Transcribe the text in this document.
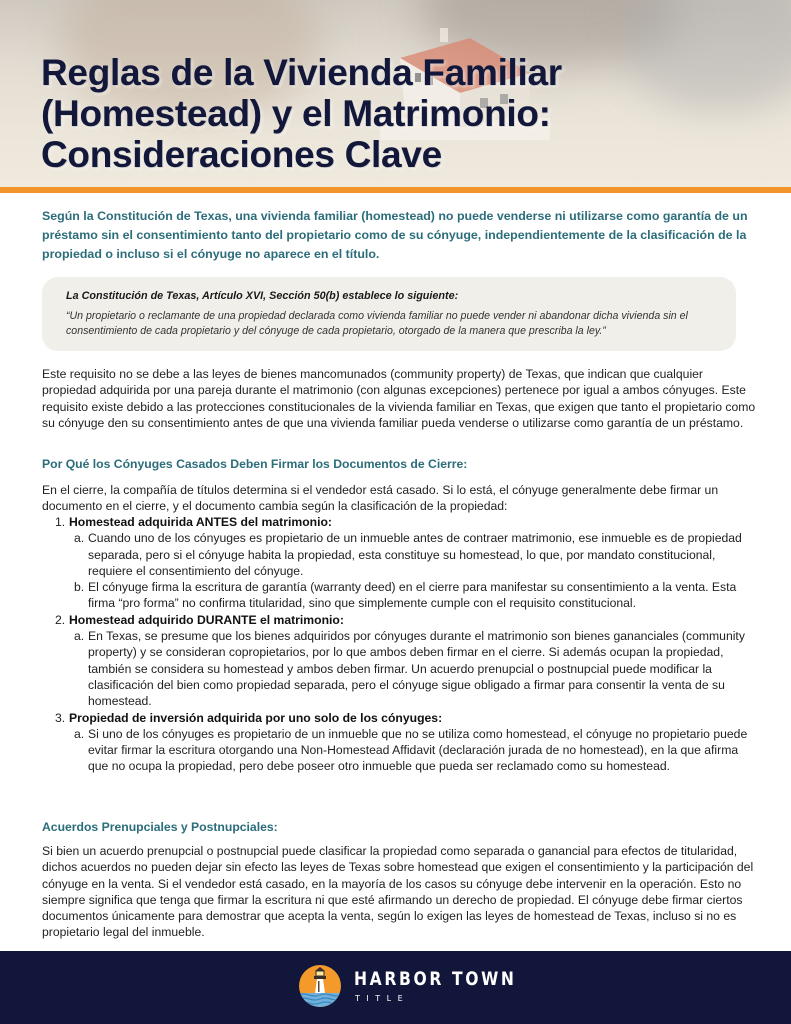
Reglas de la Vivienda Familiar
(Homestead) y el Matrimonio:
Consideraciones Clave

Según la Constitución de Texas, una vivienda familiar (homestead) no puede venderse ni utilizarse como garantía de un préstamo sin el consentimiento tanto del propietario como de su cónyuge, independientemente de la clasificación de la propiedad o incluso si el cónyuge no aparece en el título.

La Constitución de Texas, Artículo XVI, Sección 50(b) establece lo siguiente:
“Un propietario o reclamante de una propiedad declarada como vivienda familiar no puede vender ni abandonar dicha vivienda sin el consentimiento de cada propietario y del cónyuge de cada propietario, otorgado de la manera que prescriba la ley.”

Este requisito no se debe a las leyes de bienes mancomunados (community property) de Texas, que indican que cualquier propiedad adquirida por una pareja durante el matrimonio (con algunas excepciones) pertenece por igual a ambos cónyuges. Este requisito existe debido a las protecciones constitucionales de la vivienda familiar en Texas, que exigen que tanto el propietario como su cónyuge den su consentimiento antes de que una vivienda familiar pueda venderse o utilizarse como garantía de un préstamo.

Por Qué los Cónyuges Casados Deben Firmar los Documentos de Cierre:

En el cierre, la compañía de títulos determina si el vendedor está casado. Si lo está, el cónyuge generalmente debe firmar un documento en el cierre, y el documento cambia según la clasificación de la propiedad:

1. Homestead adquirida ANTES del matrimonio:
a. Cuando uno de los cónyuges es propietario de un inmueble antes de contraer matrimonio, ese inmueble es de propiedad separada, pero si el cónyuge habita la propiedad, esta constituye su homestead, lo que, por mandato constitucional, requiere el consentimiento del cónyuge.
b. El cónyuge firma la escritura de garantía (warranty deed) en el cierre para manifestar su consentimiento a la venta. Esta firma “pro forma” no confirma titularidad, sino que simplemente cumple con el requisito constitucional.
2. Homestead adquirido DURANTE el matrimonio:
a. En Texas, se presume que los bienes adquiridos por cónyuges durante el matrimonio son bienes gananciales (community property) y se consideran copropietarios, por lo que ambos deben firmar en el cierre. Si además ocupan la propiedad, también se considera su homestead y ambos deben firmar. Un acuerdo prenupcial o postnupcial puede modificar la clasificación del bien como propiedad separada, pero el cónyuge sigue obligado a firmar para consentir la venta de su homestead.
3. Propiedad de inversión adquirida por uno solo de los cónyuges:
a. Si uno de los cónyuges es propietario de un inmueble que no se utiliza como homestead, el cónyuge no propietario puede evitar firmar la escritura otorgando una Non-Homestead Affidavit (declaración jurada de no homestead), en la que afirma que no ocupa la propiedad, pero debe poseer otro inmueble que pueda ser reclamado como su homestead.
Acuerdos Prenupciales y Postnupciales:

Si bien un acuerdo prenupcial o postnupcial puede clasificar la propiedad como separada o ganancial para efectos de titularidad, dichos acuerdos no pueden dejar sin efecto las leyes de Texas sobre homestead que exigen el consentimiento y la participación del cónyuge en la venta. Si el vendedor está casado, en la mayoría de los casos su cónyuge debe intervenir en la operación. Esto no siempre significa que tenga que firmar la escritura ni que esté afirmando un derecho de propiedad. El cónyuge debe firmar ciertos documentos únicamente para demostrar que acepta la venta, según lo exigen las leyes de homestead de Texas, incluso si no es propietario legal del inmueble.

HARBOR TOWN
TITLE
